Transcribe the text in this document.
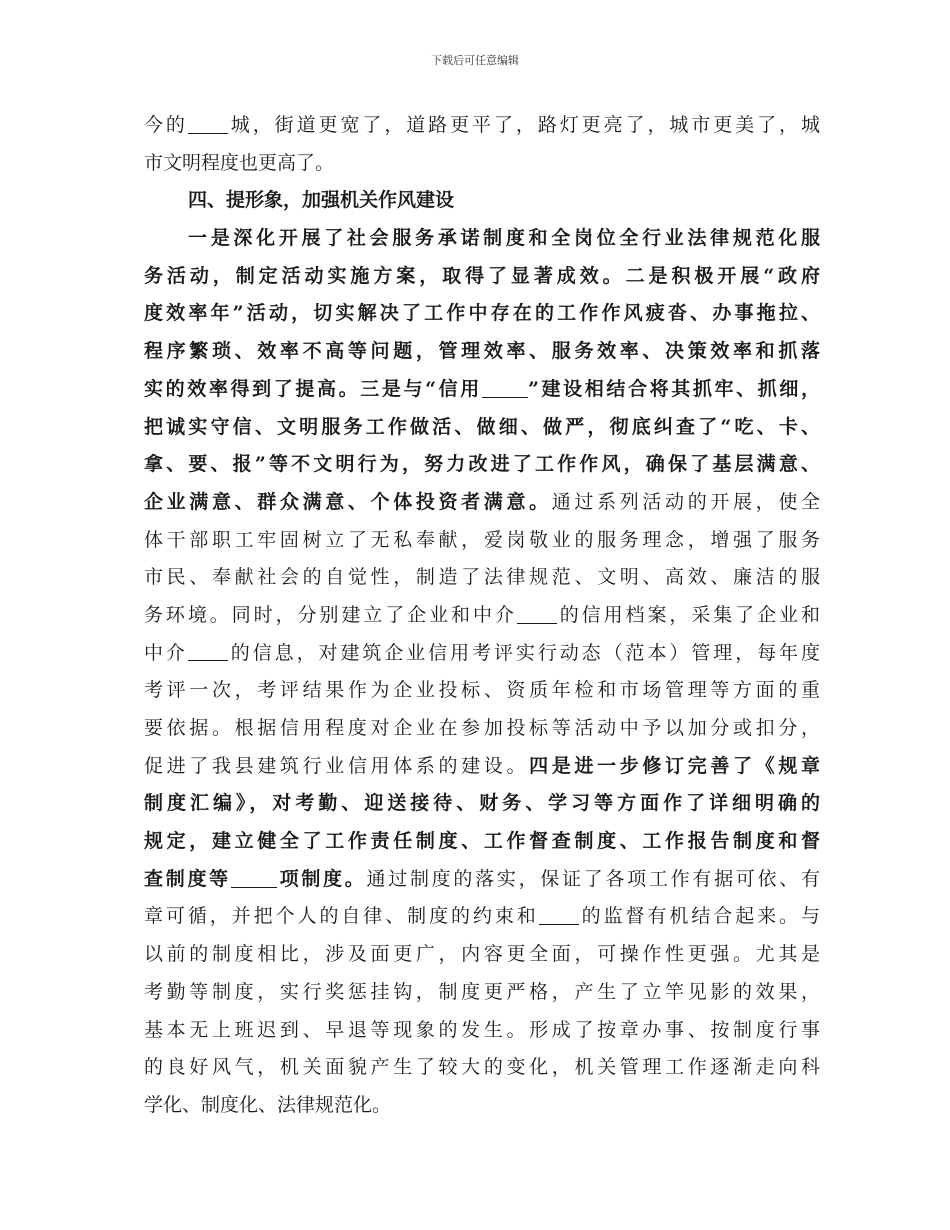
下载后可任意编辑
今的 城，街道更宽了，道路更平了，路灯更亮了，城市更美了，城
市文明程度也更高了。
四、提形象，加强机关作风建设
一是深化开展了社会服务承诺制度和全岗位全行业法律规范化服
务活动，制定活动实施方案，取得了显著成效。二是积极开展“政府
度效率年”活动，切实解决了工作中存在的工作作风疲沓、办事拖拉、
程序繁琐、效率不高等问题，管理效率、服务效率、决策效率和抓落
实的效率得到了提高。三是与“信用 ”建设相结合将其抓牢、抓细，
把诚实守信、文明服务工作做活、做细、做严，彻底纠查了“吃、卡、
拿、要、报”等不文明行为，努力改进了工作作风，确保了基层满意、
企业满意、群众满意、个体投资者满意。通过系列活动的开展，使全
体干部职工牢固树立了无私奉献，爱岗敬业的服务理念，增强了服务
市民、奉献社会的自觉性，制造了法律规范、文明、高效、廉洁的服
务环境。同时，分别建立了企业和中介 的信用档案，采集了企业和
中介 的信息，对建筑企业信用考评实行动态（范本）管理，每年度
考评一次，考评结果作为企业投标、资质年检和市场管理等方面的重
要依据。根据信用程度对企业在参加投标等活动中予以加分或扣分，
促进了我县建筑行业信用体系的建设。四是进一步修订完善了《规章
制度汇编》，对考勤、迎送接待、财务、学习等方面作了详细明确的
规定，建立健全了工作责任制度、工作督查制度、工作报告制度和督
查制度等 项制度。通过制度的落实，保证了各项工作有据可依、有
章可循，并把个人的自律、制度的约束和 的监督有机结合起来。与
以前的制度相比，涉及面更广，内容更全面，可操作性更强。尤其是
考勤等制度，实行奖惩挂钩，制度更严格，产生了立竿见影的效果，
基本无上班迟到、早退等现象的发生。形成了按章办事、按制度行事
的良好风气，机关面貌产生了较大的变化，机关管理工作逐渐走向科
学化、制度化、法律规范化。
